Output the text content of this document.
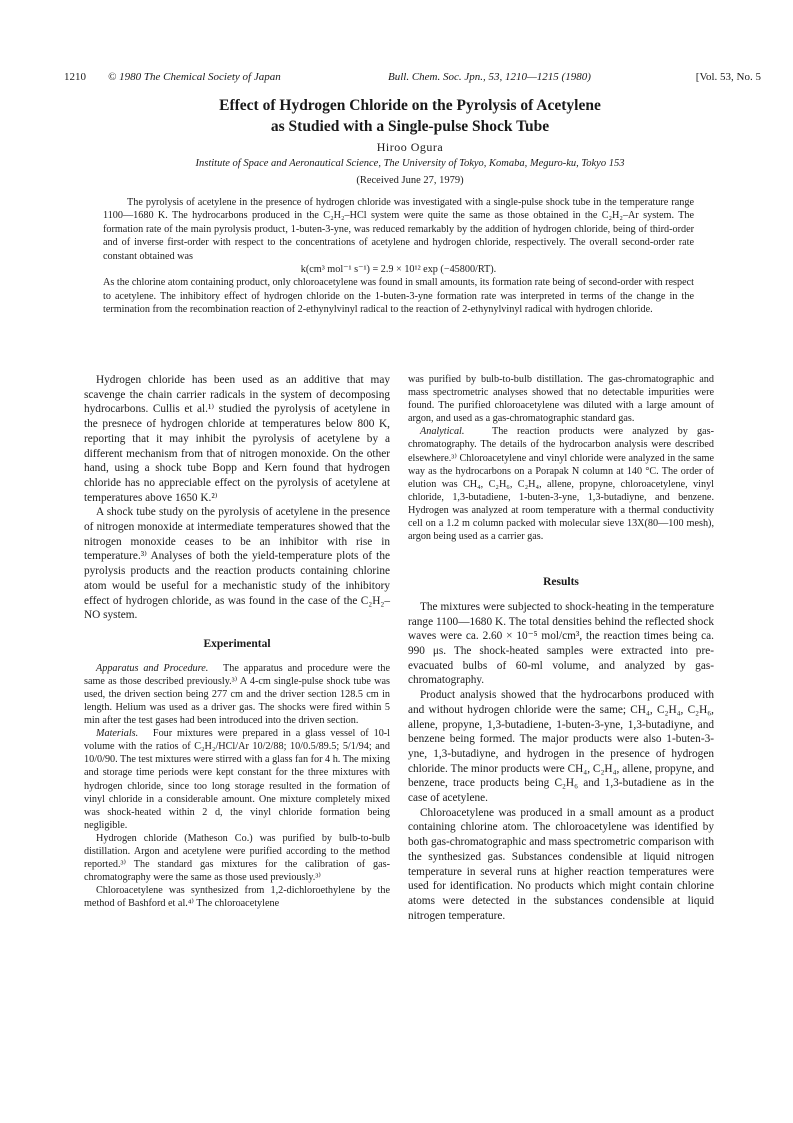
1210 © 1980 The Chemical Society of Japan	Bull. Chem. Soc. Jpn., 53, 1210—1215 (1980)	[Vol. 53, No. 5
Effect of Hydrogen Chloride on the Pyrolysis of Acetylene
as Studied with a Single-pulse Shock Tube
Hiroo Ogura
Institute of Space and Aeronautical Science, The University of Tokyo, Komaba, Meguro-ku, Tokyo 153
(Received June 27, 1979)

The pyrolysis of acetylene in the presence of hydrogen chloride was investigated with a single-pulse shock tube in the temperature range 1100—1680 K. The hydrocarbons produced in the C₂H₂–HCl system were quite the same as those obtained in the C₂H₂–Ar system. The formation rate of the main pyrolysis product, 1-buten-3-yne, was reduced remarkably by the addition of hydrogen chloride, being of third-order and of inverse first-order with respect to the concentrations of acetylene and hydrogen chloride, respectively. The overall second-order rate constant obtained was

k(cm³ mol⁻¹ s⁻¹) = 2.9 × 10¹² exp (−45800/RT).

As the chlorine atom containing product, only chloroacetylene was found in small amounts, its formation rate being of second-order with respect to acetylene. The inhibitory effect of hydrogen chloride on the 1-buten-3-yne formation rate was interpreted in terms of the change in the termination from the recombination reaction of 2-ethynylvinyl radical to the reaction of 2-ethynylvinyl radical with hydrogen chloride.

Hydrogen chloride has been used as an additive that may scavenge the chain carrier radicals in the system of decomposing hydrocarbons. Cullis et al.¹⁾ studied the pyrolysis of acetylene in the presnece of hydrogen chloride at temperatures below 800 K, reporting that it may inhibit the pyrolysis of acetylene by a different mechanism from that of nitrogen monoxide. On the other hand, using a shock tube Bopp and Kern found that hydrogen chloride has no appreciable effect on the pyrolysis of acetylene at temperatures above 1650 K.²⁾

A shock tube study on the pyrolysis of acetylene in the presence of nitrogen monoxide at intermediate temperatures showed that the nitrogen monoxide ceases to be an inhibitor with rise in temperature.³⁾ Analyses of both the yield-temperature plots of the pyrolysis products and the reaction products containing chlorine atom would be useful for a mechanistic study of the inhibitory effect of hydrogen chloride, as was found in the case of the C₂H₂–NO system.

Experimental

Apparatus and Procedure. The apparatus and procedure were the same as those described previously.³⁾ A 4-cm single-pulse shock tube was used, the driven section being 277 cm and the driver section 128.5 cm in length. Helium was used as a driver gas. The shocks were fired within 5 min after the test gases had been introduced into the driven section.

Materials. Four mixtures were prepared in a glass vessel of 10-l volume with the ratios of C₂H₂/HCl/Ar 10/2/88; 10/0.5/89.5; 5/1/94; and 10/0/90. The test mixtures were stirred with a glass fan for 4 h. The mixing and storage time periods were kept constant for the three mixtures with hydrogen chloride, since too long storage resulted in the formation of vinyl chloride in a considerable amount. One mixture completely mixed was shock-heated within 2 d, the vinyl chloride formation being negligible.

Hydrogen chloride (Matheson Co.) was purified by bulb-to-bulb distillation. Argon and acetylene were purified according to the method reported.³⁾ The standard gas mixtures for the calibration of gas-chromatography were the same as those used previously.³⁾

Chloroacetylene was synthesized from 1,2-dichloroethylene by the method of Bashford et al.⁴⁾ The chloroacetylene

was purified by bulb-to-bulb distillation. The gas-chromatographic and mass spectrometric analyses showed that no detectable impurities were found. The purified chloroacetylene was diluted with a large amount of argon, and used as a gas-chromatographic standard gas.

Analytical.	The reaction products were analyzed by gas-chromatography. The details of the hydrocarbon analysis were described elsewhere.³⁾ Chloroacetylene and vinyl chloride were analyzed in the same way as the hydrocarbons on a Porapak N column at 140 °C. The order of elution was CH₄, C₂H₆, C₂H₄, allene, propyne, chloroacetylene, vinyl chloride, 1,3-butadiene, 1-buten-3-yne, 1,3-butadiyne, and benzene. Hydrogen was analyzed at room temperature with a thermal conductivity cell on a 1.2 m column packed with molecular sieve 13X(80—100 mesh), argon being used as a carrier gas.

Results

The mixtures were subjected to shock-heating in the temperature range 1100—1680 K. The total densities behind the reflected shock waves were ca. 2.60 × 10⁻⁵ mol/cm³, the reaction times being ca. 990 μs. The shock-heated samples were extracted into pre-evacuated bulbs of 60-ml volume, and analyzed by gas-chromatography.

Product analysis showed that the hydrocarbons produced with and without hydrogen chloride were the same; CH₄, C₂H₄, C₂H₆, allene, propyne, 1,3-butadiene, 1-buten-3-yne, 1,3-butadiyne, and benzene being formed. The major products were also 1-buten-3-yne, 1,3-butadiyne, and hydrogen in the presence of hydrogen chloride. The minor products were CH₄, C₂H₄, allene, propyne, and benzene, trace products being C₂H₆ and 1,3-butadiene as in the case of acetylene.

Chloroacetylene was produced in a small amount as a product containing chlorine atom. The chloroacetylene was identified by both gas-chromatographic and mass spectrometric comparison with the synthesized gas. Substances condensible at liquid nitrogen temperature in several runs at higher reaction temperatures were used for identification. No products which might contain chlorine atoms were detected in the substances condensible at liquid nitrogen temperature.
